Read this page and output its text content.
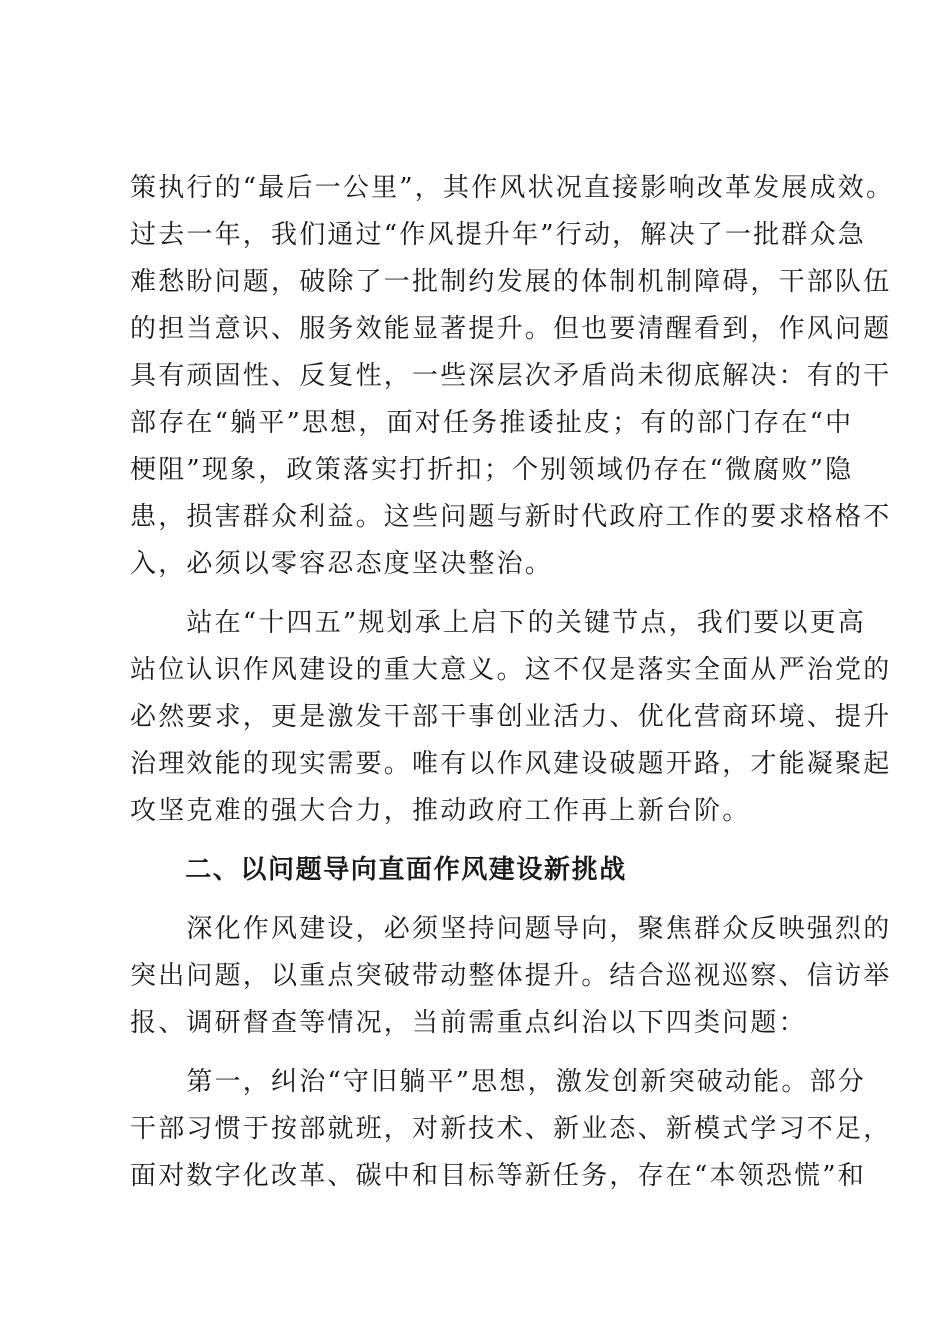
策执行的“最后一公里”，其作风状况直接影响改革发展成效。
过去一年，我们通过“作风提升年”行动，解决了一批群众急
难愁盼问题，破除了一批制约发展的体制机制障碍，干部队伍
的担当意识、服务效能显著提升。但也要清醒看到，作风问题
具有顽固性、反复性，一些深层次矛盾尚未彻底解决：有的干
部存在“躺平”思想，面对任务推诿扯皮；有的部门存在“中
梗阻”现象，政策落实打折扣；个别领域仍存在“微腐败”隐
患，损害群众利益。这些问题与新时代政府工作的要求格格不
入，必须以零容忍态度坚决整治。
　　站在“十四五”规划承上启下的关键节点，我们要以更高
站位认识作风建设的重大意义。这不仅是落实全面从严治党的
必然要求，更是激发干部干事创业活力、优化营商环境、提升
治理效能的现实需要。唯有以作风建设破题开路，才能凝聚起
攻坚克难的强大合力，推动政府工作再上新台阶。
　　二、以问题导向直面作风建设新挑战
　　深化作风建设，必须坚持问题导向，聚焦群众反映强烈的
突出问题，以重点突破带动整体提升。结合巡视巡察、信访举
报、调研督查等情况，当前需重点纠治以下四类问题：
　　第一，纠治“守旧躺平”思想，激发创新突破动能。部分
干部习惯于按部就班，对新技术、新业态、新模式学习不足，
面对数字化改革、碳中和目标等新任务，存在“本领恐慌”和
